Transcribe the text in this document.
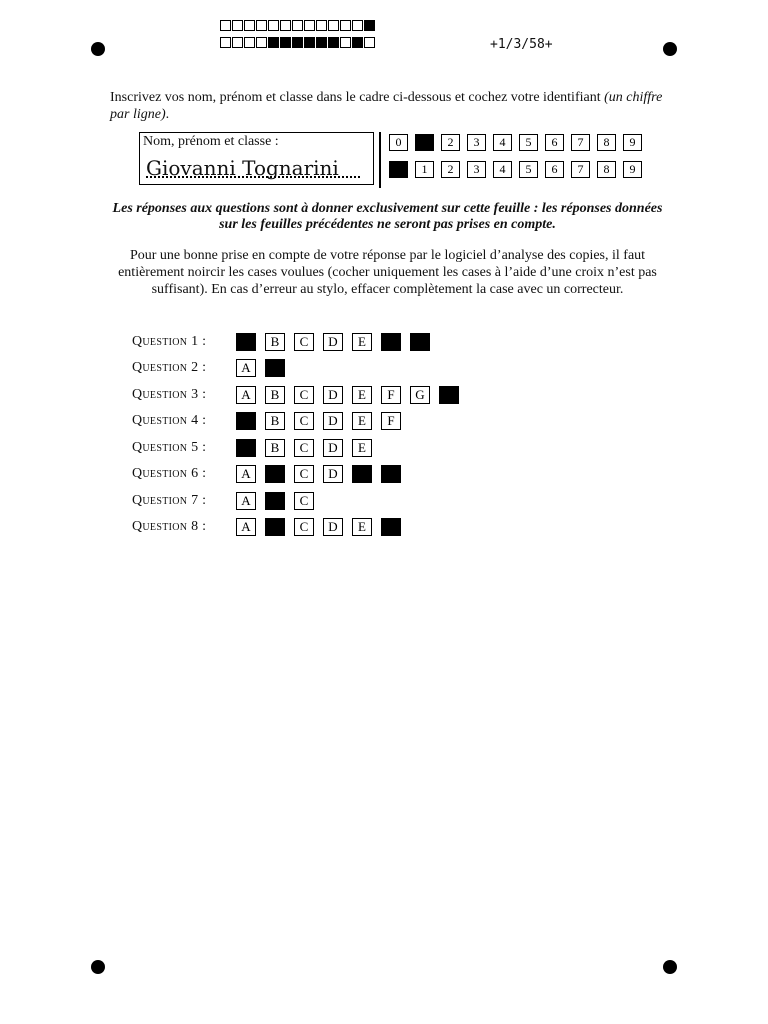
+1/3/58+
Inscrivez vos nom, prénom et classe dans le cadre ci-dessous et cochez votre identifiant (un chiffre par ligne).
Nom, prénom et classe :
Giovanni Tognarini
0	1	2	3	4	5	6	7	8	9
0	1	2	3	4	5	6	7	8	9
Les réponses aux questions sont à donner exclusivement sur cette feuille : les réponses données sur les feuilles précédentes ne seront pas prises en compte.
Pour une bonne prise en compte de votre réponse par le logiciel d’analyse des copies, il faut entièrement noircir les cases voulues (cocher uniquement les cases à l’aide d’une croix n’est pas suffisant). En cas d’erreur au stylo, effacer complètement la case avec un correcteur.
Question 1 :	A	B	C	D	E	F	G
Question 2 :	A	B
Question 3 :	A	B	C	D	E	F	G	H
Question 4 :	A	B	C	D	E	F
Question 5 :	A	B	C	D	E
Question 6 :	A	B	C	D	E	F
Question 7 :	A	B	C
Question 8 :	A	B	C	D	E	F
